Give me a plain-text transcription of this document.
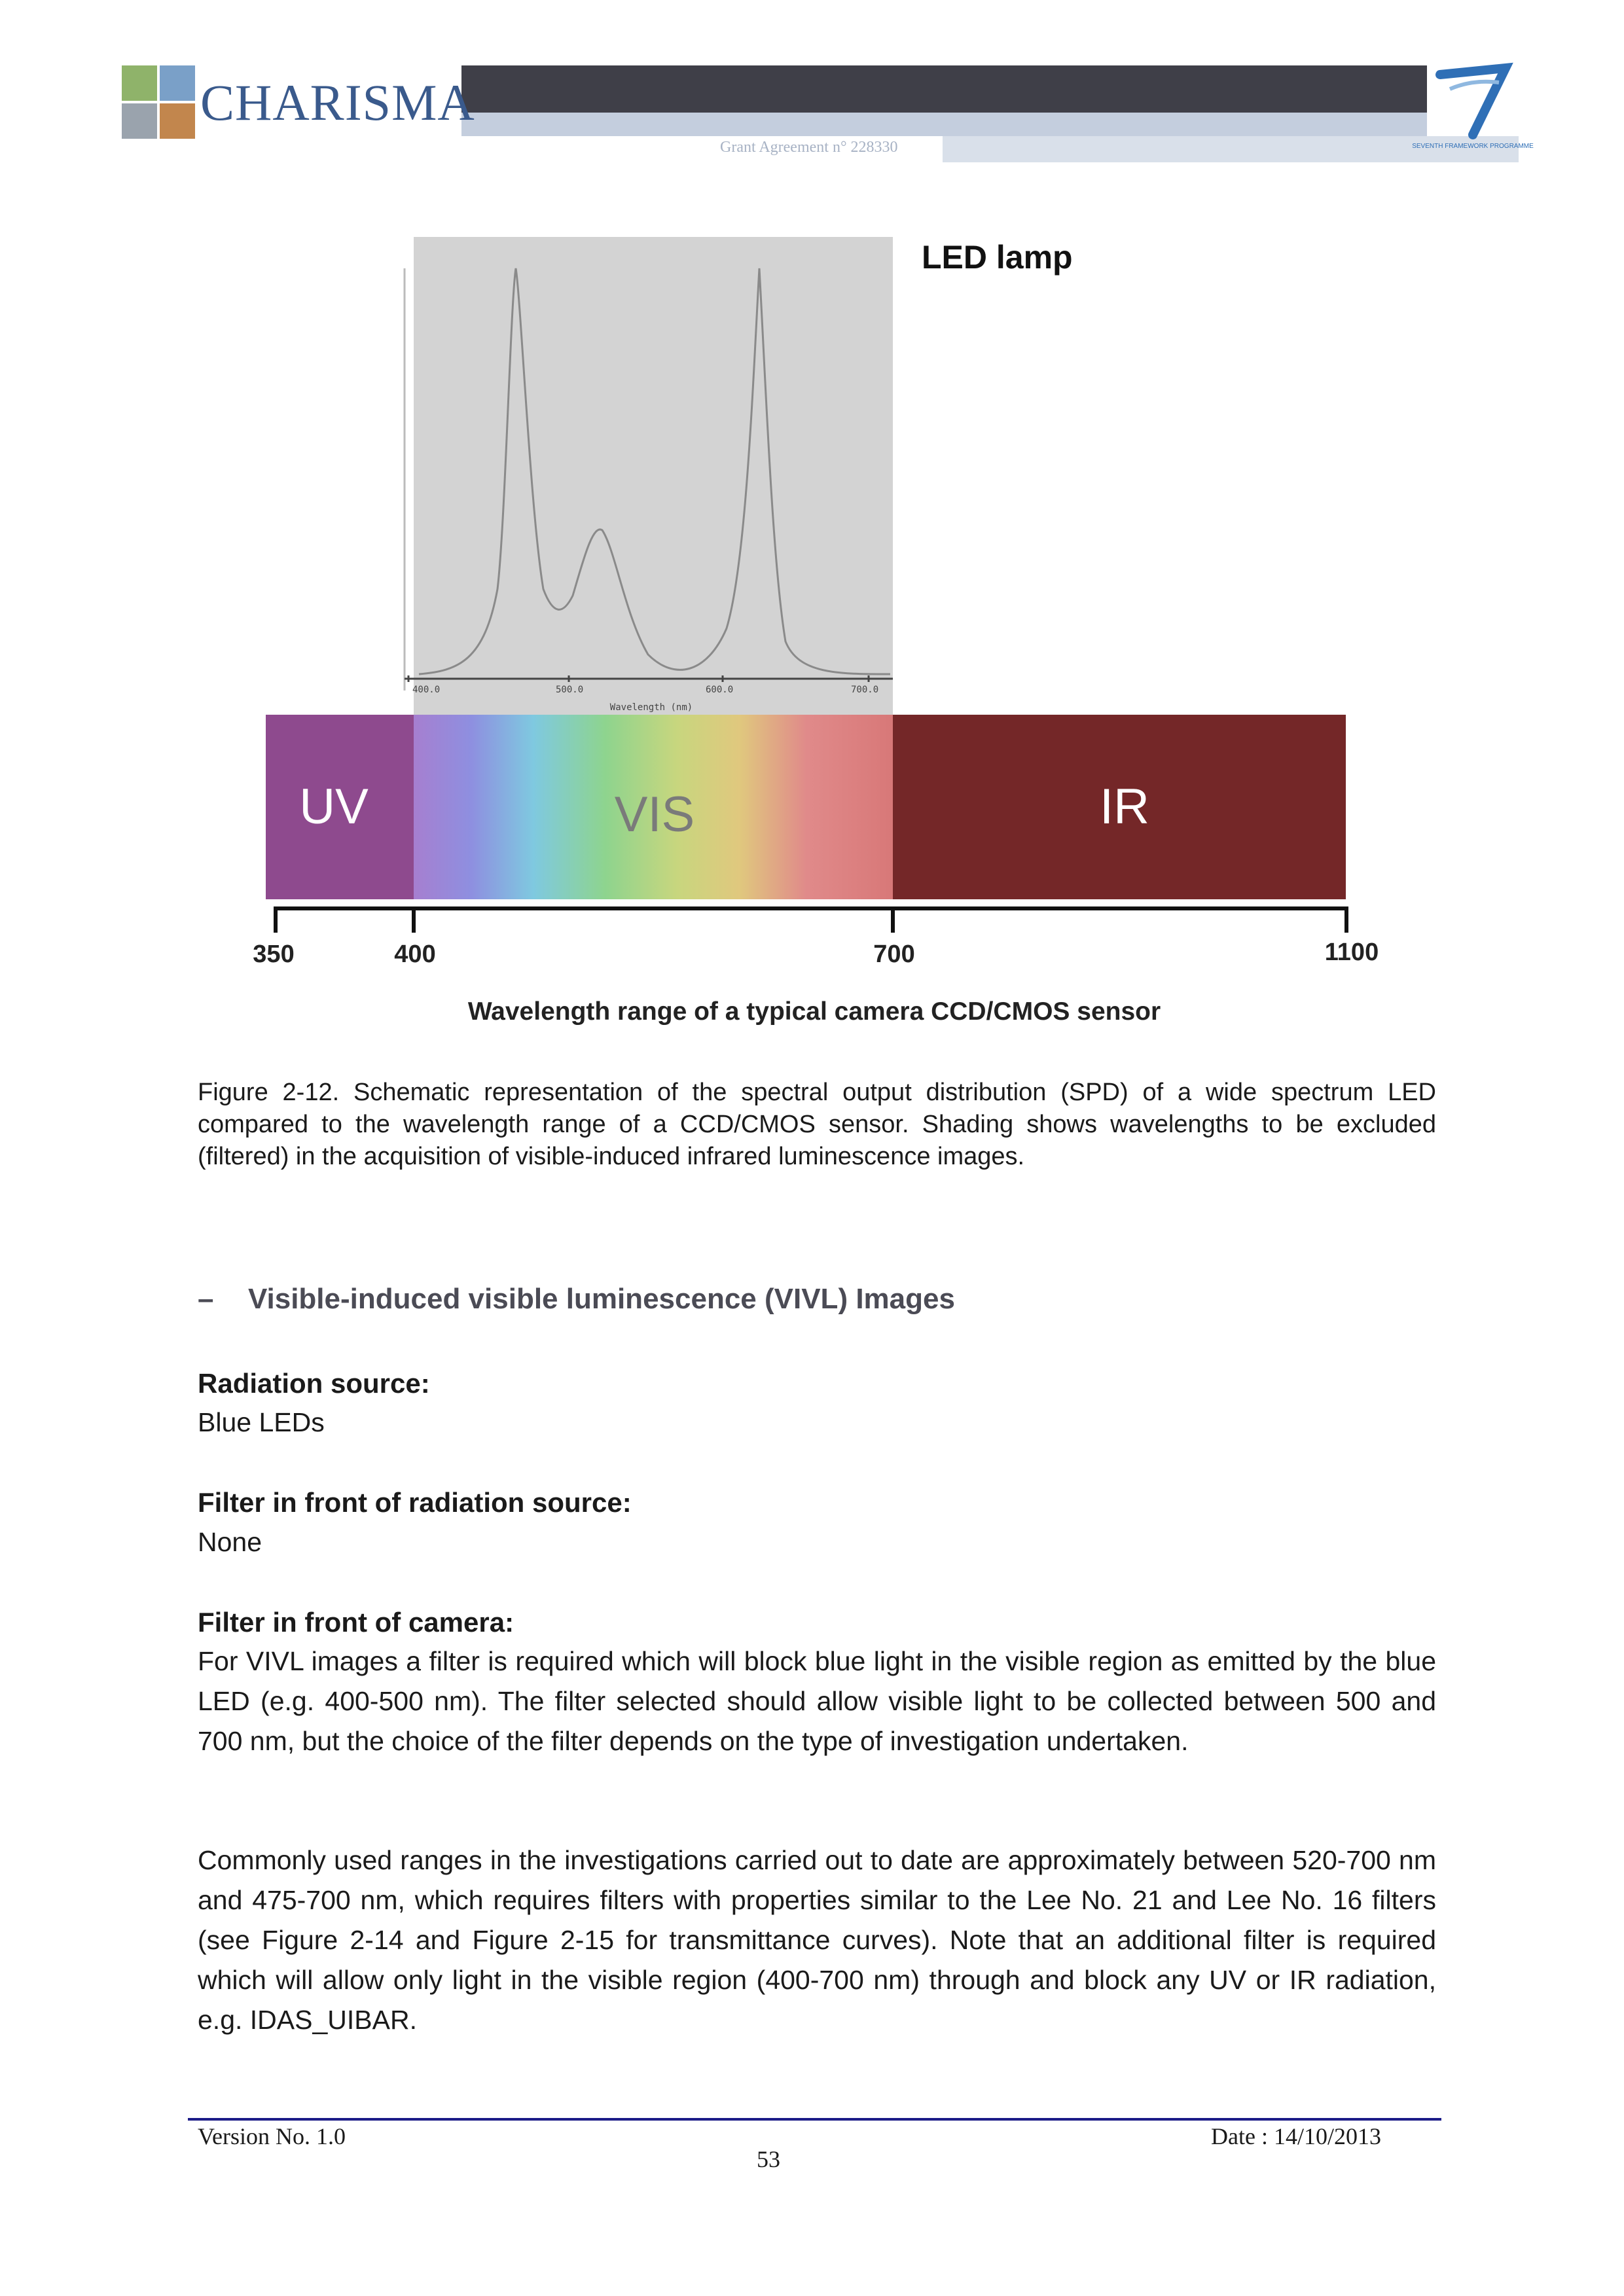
CHARISMA
Grant Agreement n° 228330	SEVENTH FRAMEWORK PROGRAMME
400.0	500.0	600.0	700.0
Wavelength (nm)
LED lamp
UV	VIS	IR
350	400	700	1100
Wavelength range of a typical camera CCD/CMOS sensor
Figure 2-12. Schematic representation of the spectral output distribution (SPD) of a wide spectrum LED compared to the wavelength range of a CCD/CMOS sensor. Shading shows wavelengths to be excluded (filtered) in the acquisition of visible-induced infrared luminescence images.
– Visible-induced visible luminescence (VIVL) Images
Radiation source:
Blue LEDs
Filter in front of radiation source:
None
Filter in front of camera:
For VIVL images a filter is required which will block blue light in the visible region as emitted by the blue LED (e.g. 400-500 nm). The filter selected should allow visible light to be collected between 500 and 700 nm, but the choice of the filter depends on the type of investigation undertaken.
Commonly used ranges in the investigations carried out to date are approximately between 520-700 nm and 475-700 nm, which requires filters with properties similar to the Lee No. 21 and Lee No. 16 filters (see Figure 2-14 and Figure 2-15 for transmittance curves). Note that an additional filter is required which will allow only light in the visible region (400-700 nm) through and block any UV or IR radiation, e.g. IDAS_UIBAR.
Version No. 1.0
53
Date : 14/10/2013
